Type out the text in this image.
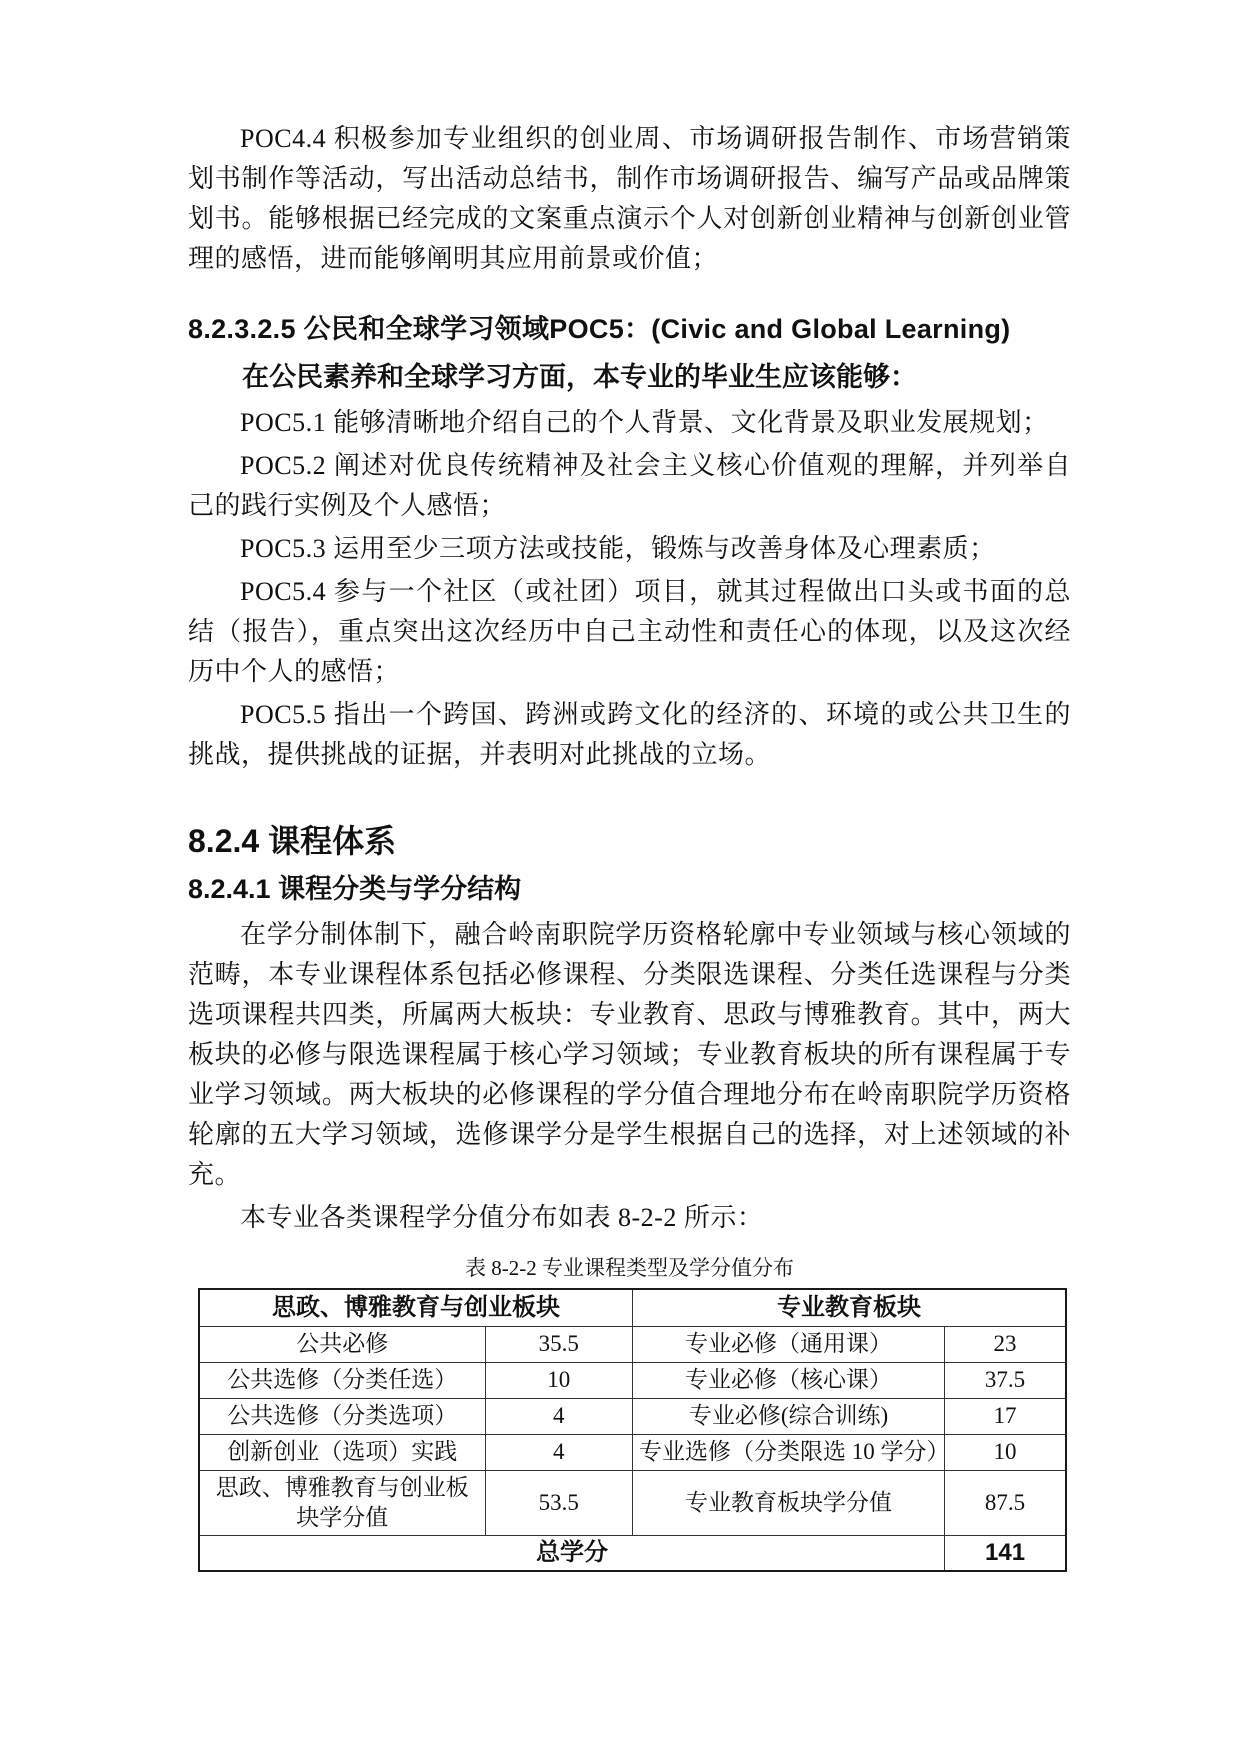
POC4.4 积极参加专业组织的创业周、市场调研报告制作、市场营销策划书制作等活动，写出活动总结书，制作市场调研报告、编写产品或品牌策划书。能够根据已经完成的文案重点演示个人对创新创业精神与创新创业管理的感悟，进而能够阐明其应用前景或价值；

8.2.3.2.5 公民和全球学习领域POC5：(Civic and Global Learning)
在公民素养和全球学习方面，本专业的毕业生应该能够：

POC5.1 能够清晰地介绍自己的个人背景、文化背景及职业发展规划；

POC5.2 阐述对优良传统精神及社会主义核心价值观的理解，并列举自己的践行实例及个人感悟；

POC5.3 运用至少三项方法或技能，锻炼与改善身体及心理素质；

POC5.4 参与一个社区（或社团）项目，就其过程做出口头或书面的总结（报告），重点突出这次经历中自己主动性和责任心的体现，以及这次经历中个人的感悟；

POC5.5 指出一个跨国、跨洲或跨文化的经济的、环境的或公共卫生的挑战，提供挑战的证据，并表明对此挑战的立场。

8.2.4 课程体系
8.2.4.1 课程分类与学分结构

在学分制体制下，融合岭南职院学历资格轮廓中专业领域与核心领域的范畴，本专业课程体系包括必修课程、分类限选课程、分类任选课程与分类选项课程共四类，所属两大板块：专业教育、思政与博雅教育。其中，两大板块的必修与限选课程属于核心学习领域；专业教育板块的所有课程属于专业学习领域。两大板块的必修课程的学分值合理地分布在岭南职院学历资格轮廓的五大学习领域，选修课学分是学生根据自己的选择，对上述领域的补充。

本专业各类课程学分值分布如表 8-2-2 所示：

表 8-2-2 专业课程类型及学分值分布
思政、博雅教育与创业板块		专业教育板块	
公共必修	35.5	专业必修（通用课）	23
公共选修（分类任选）	10	专业必修（核心课）	37.5
公共选修（分类选项）	4	专业必修(综合训练)	17
创新创业（选项）实践	4	专业选修（分类限选 10 学分）	10
思政、博雅教育与创业板块学分值	53.5	专业教育板块学分值	87.5
总学分			141
